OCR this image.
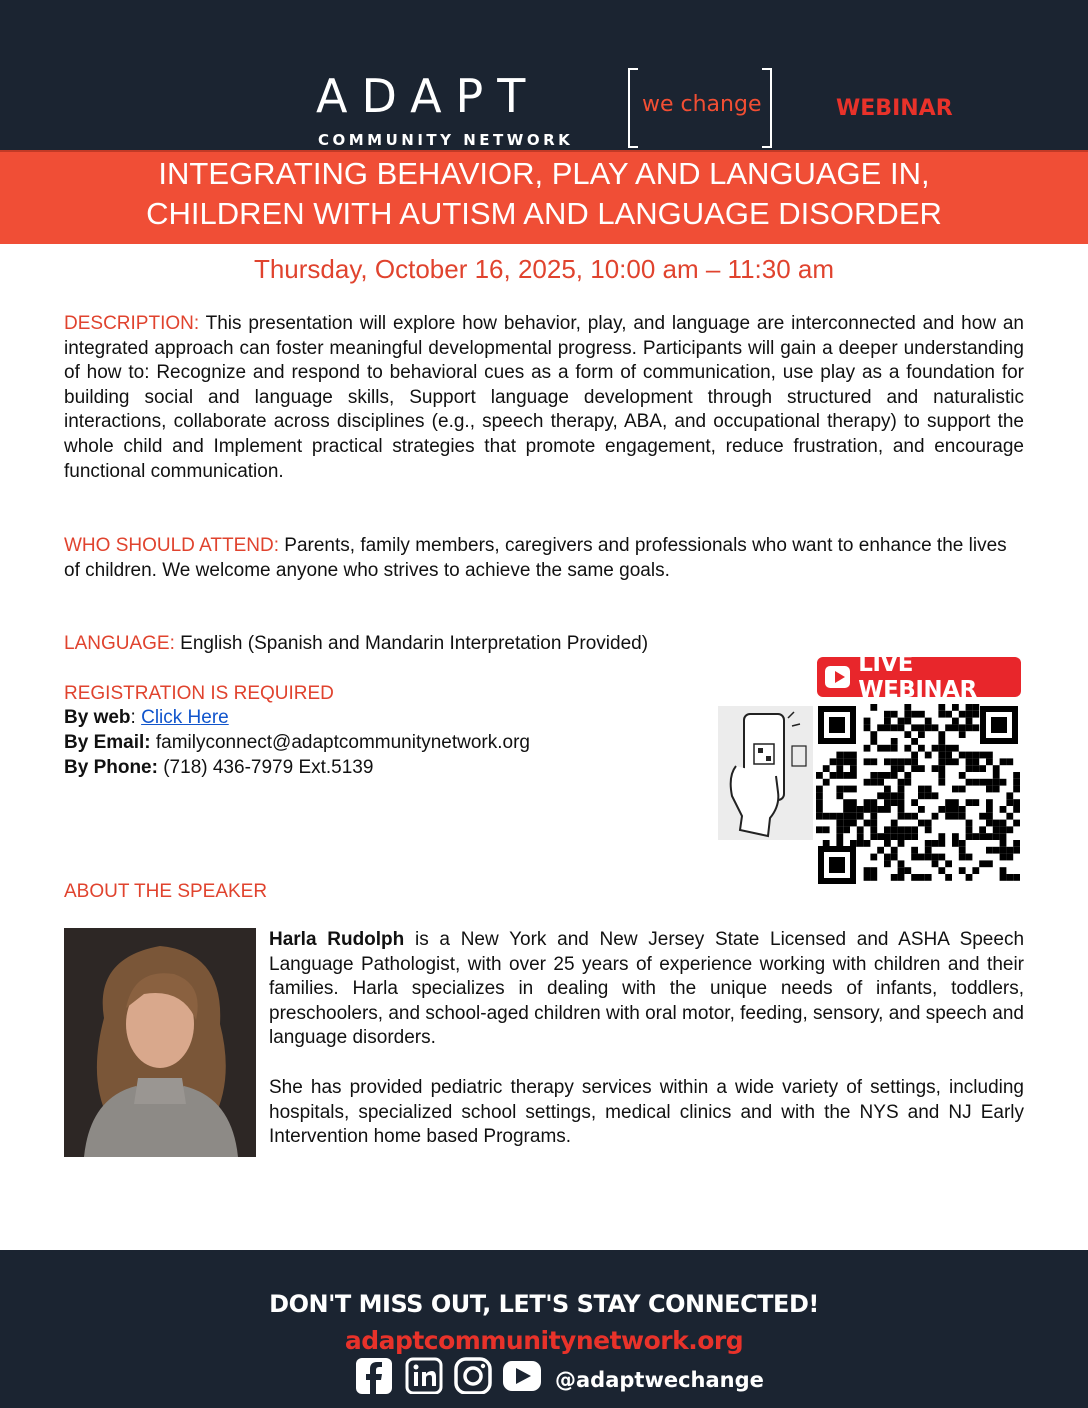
ADAPT
COMMUNITY NETWORK
we change	WEBINAR
INTEGRATING BEHAVIOR, PLAY AND LANGUAGE IN,
CHILDREN WITH AUTISM AND LANGUAGE DISORDER
Thursday, October 16, 2025, 10:00 am – 11:30 am
DESCRIPTION: This presentation will explore how behavior, play, and language are interconnected and how an integrated approach can foster meaningful developmental progress. Participants will gain a deeper understanding of how to: Recognize and respond to behavioral cues as a form of communication, use play as a foundation for building social and language skills, Support language development through structured and naturalistic interactions, collaborate across disciplines (e.g., speech therapy, ABA, and occupational therapy) to support the whole child and Implement practical strategies that promote engagement, reduce frustration, and encourage functional communication.
WHO SHOULD ATTEND: Parents, family members, caregivers and professionals who want to enhance the lives of children. We welcome anyone who strives to achieve the same goals.
LANGUAGE: English (Spanish and Mandarin Interpretation Provided)
REGISTRATION IS REQUIRED
By web: Click Here
By Email: familyconnect@adaptcommunitynetwork.org
By Phone: (718) 436-7979 Ext.5139
LIVE WEBINAR
ABOUT THE SPEAKER
Harla Rudolph is a New York and New Jersey State Licensed and ASHA Speech Language Pathologist, with over 25 years of experience working with children and their families. Harla specializes in dealing with the unique needs of infants, toddlers, preschoolers, and school-aged children with oral motor, feeding, sensory, and speech and language disorders.
She has provided pediatric therapy services within a wide variety of settings, including hospitals, specialized school settings, medical clinics and with the NYS and NJ Early Intervention home based Programs.
DON'T MISS OUT, LET'S STAY CONNECTED!
adaptcommunitynetwork.org
@adaptwechange
